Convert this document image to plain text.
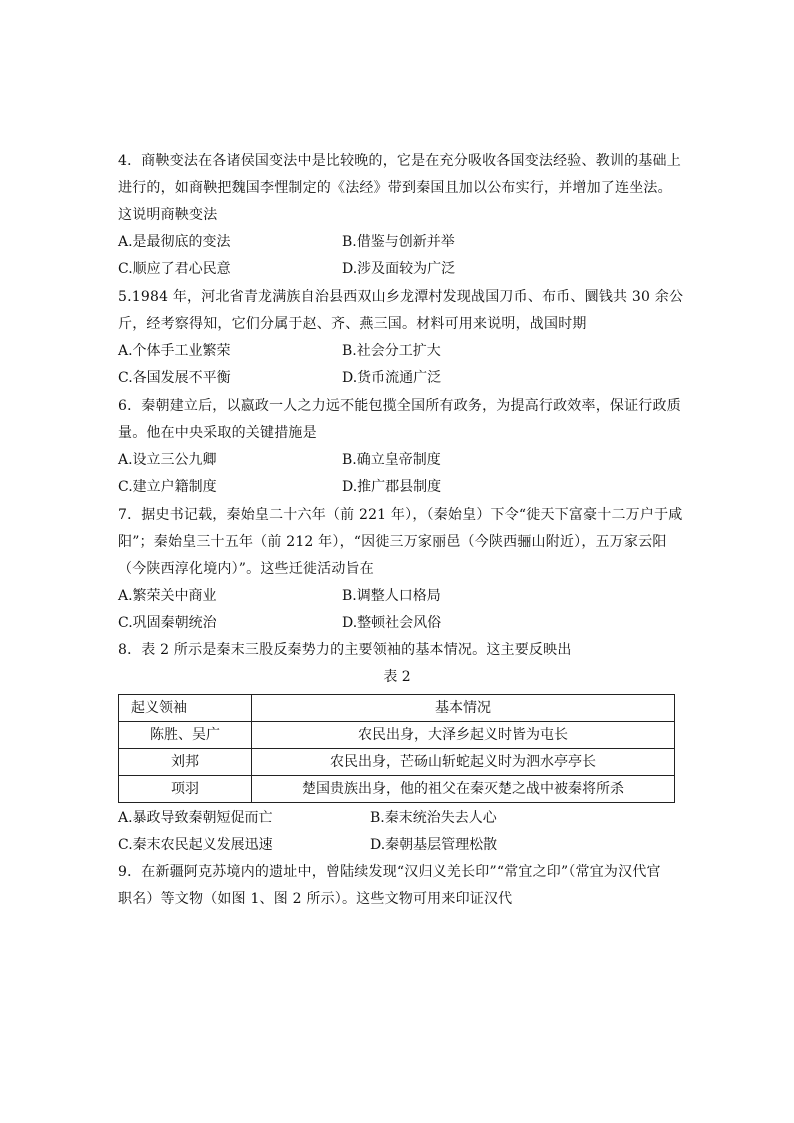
4．商鞅变法在各诸侯国变法中是比较晚的，它是在充分吸收各国变法经验、教训的基础上
进行的，如商鞅把魏国李悝制定的《法经》带到秦国且加以公布实行，并增加了连坐法。
这说明商鞅变法
A.是最彻底的变法	B.借鉴与创新并举
C.顺应了君心民意	D.涉及面较为广泛
5.1984 年，河北省青龙满族自治县西双山乡龙潭村发现战国刀币、布币、圜钱共 30 余公
斤，经考察得知，它们分属于赵、齐、燕三国。材料可用来说明，战国时期
A.个体手工业繁荣	B.社会分工扩大
C.各国发展不平衡	D.货币流通广泛
6．秦朝建立后，以嬴政一人之力远不能包揽全国所有政务，为提高行政效率，保证行政质
量。他在中央采取的关键措施是
A.设立三公九卿	B.确立皇帝制度
C.建立户籍制度	D.推广郡县制度
7．据史书记载，秦始皇二十六年（前 221 年），（秦始皇）下令“徙天下富豪十二万户于咸
阳”；秦始皇三十五年（前 212 年），“因徙三万家丽邑（今陕西骊山附近），五万家云阳
（今陕西淳化境内）”。这些迁徙活动旨在
A.繁荣关中商业	B.调整人口格局
C.巩固秦朝统治	D.整顿社会风俗
8．表 2 所示是秦末三股反秦势力的主要领袖的基本情况。这主要反映出
表 2
起义领袖	基本情况
陈胜、吴广	农民出身，大泽乡起义时皆为屯长
刘邦	农民出身，芒砀山斩蛇起义时为泗水亭亭长
项羽	楚国贵族出身，他的祖父在秦灭楚之战中被秦将所杀
A.暴政导致秦朝短促而亡	B.秦末统治失去人心
C.秦末农民起义发展迅速	D.秦朝基层管理松散
9．在新疆阿克苏境内的遗址中，曾陆续发现“汉归义羌长印”“常宜之印”（常宜为汉代官
职名）等文物（如图 1、图 2 所示）。这些文物可用来印证汉代
